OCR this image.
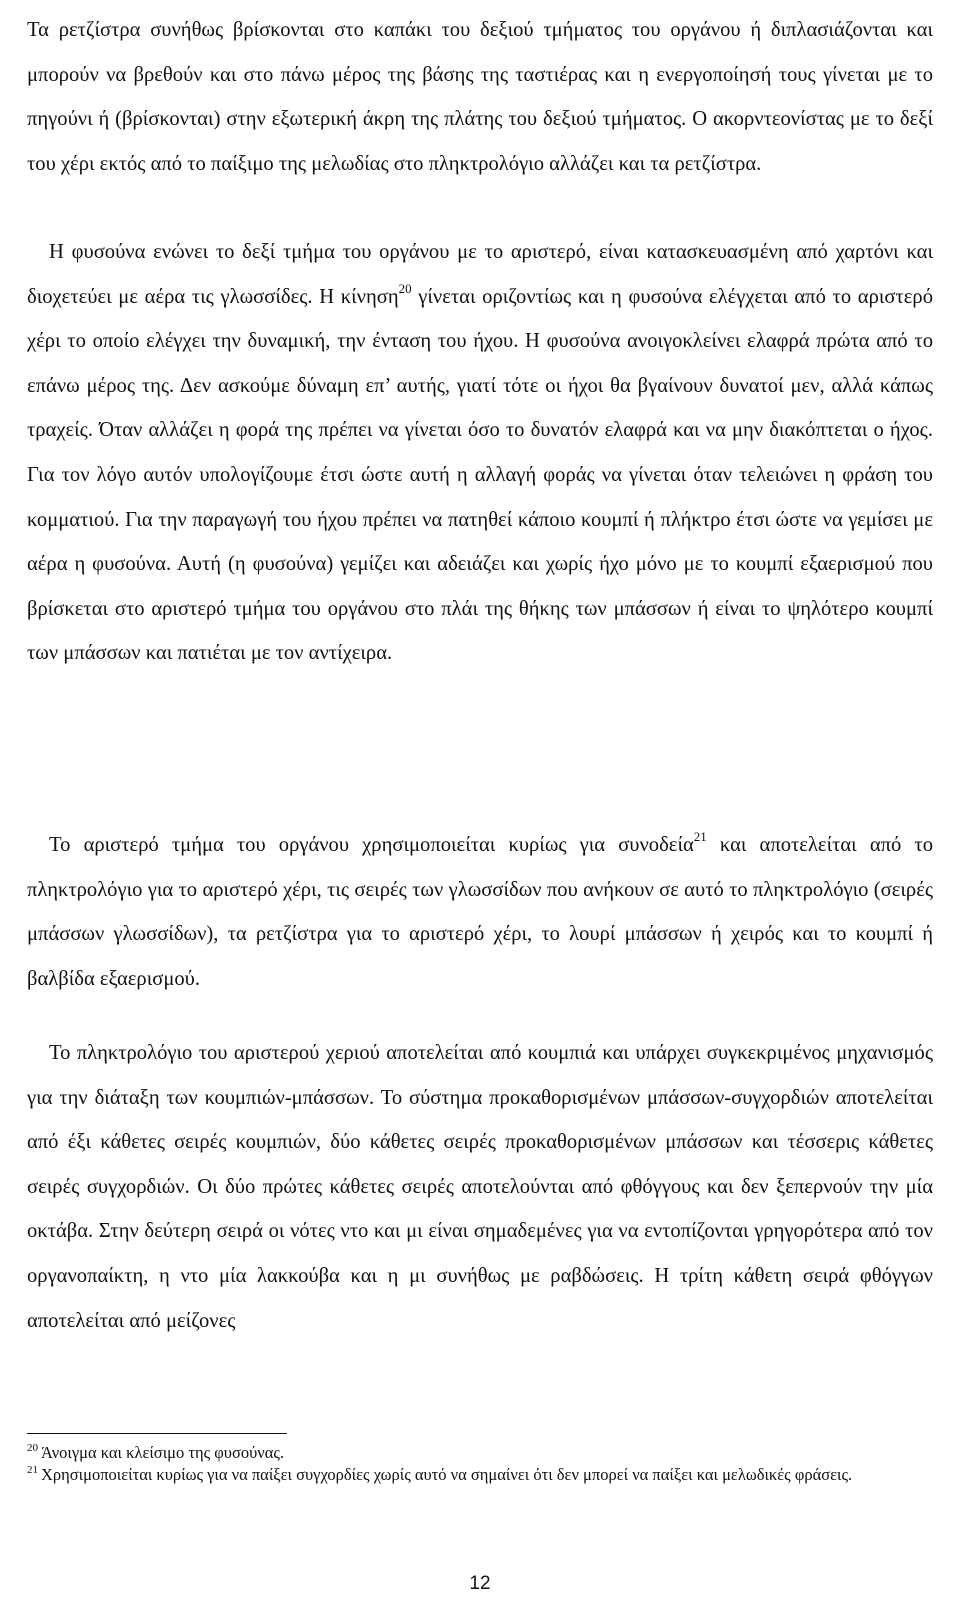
Τα ρετζίστρα συνήθως βρίσκονται στο καπάκι του δεξιού τμήματος του οργάνου ή διπλασιάζονται και μπορούν να βρεθούν και στο πάνω μέρος της βάσης της ταστιέρας και η ενεργοποίησή τους γίνεται με το πηγούνι ή (βρίσκονται) στην εξωτερική άκρη της πλάτης του δεξιού τμήματος. Ο ακορντεονίστας με το δεξί του χέρι εκτός από το παίξιμο της μελωδίας στο πληκτρολόγιο αλλάζει και τα ρετζίστρα.

Η φυσούνα ενώνει το δεξί τμήμα του οργάνου με το αριστερό, είναι κατασκευασμένη από χαρτόνι και διοχετεύει με αέρα τις γλωσσίδες. Η κίνηση$^{20}$ γίνεται οριζοντίως και η φυσούνα ελέγχεται από το αριστερό χέρι το οποίο ελέγχει την δυναμική, την ένταση του ήχου. Η φυσούνα ανοιγοκλείνει ελαφρά πρώτα από το επάνω μέρος της. Δεν ασκούμε δύναμη επ’ αυτής, γιατί τότε οι ήχοι θα βγαίνουν δυνατοί μεν, αλλά κάπως τραχείς. Όταν αλλάζει η φορά της πρέπει να γίνεται όσο το δυνατόν ελαφρά και να μην διακόπτεται ο ήχος. Για τον λόγο αυτόν υπολογίζουμε έτσι ώστε αυτή η αλλαγή φοράς να γίνεται όταν τελειώνει η φράση του κομματιού. Για την παραγωγή του ήχου πρέπει να πατηθεί κάποιο κουμπί ή πλήκτρο έτσι ώστε να γεμίσει με αέρα η φυσούνα. Αυτή (η φυσούνα) γεμίζει και αδειάζει και χωρίς ήχο μόνο με το κουμπί εξαερισμού που βρίσκεται στο αριστερό τμήμα του οργάνου στο πλάι της θήκης των μπάσσων ή είναι το ψηλότερο κουμπί των μπάσσων και πατιέται με τον αντίχειρα.

Το αριστερό τμήμα του οργάνου χρησιμοποιείται κυρίως για συνοδεία$^{21}$ και αποτελείται από το πληκτρολόγιο για το αριστερό χέρι, τις σειρές των γλωσσίδων που ανήκουν σε αυτό το πληκτρολόγιο (σειρές μπάσσων γλωσσίδων), τα ρετζίστρα για το αριστερό χέρι, το λουρί μπάσσων ή χειρός και το κουμπί ή βαλβίδα εξαερισμού.

Το πληκτρολόγιο του αριστερού χεριού αποτελείται από κουμπιά και υπάρχει συγκεκριμένος μηχανισμός για την διάταξη των κουμπιών-μπάσσων. Το σύστημα προκαθορισμένων μπάσσων-συγχορδιών αποτελείται από έξι κάθετες σειρές κουμπιών, δύο κάθετες σειρές προκαθορισμένων μπάσσων και τέσσερις κάθετες σειρές συγχορδιών. Οι δύο πρώτες κάθετες σειρές αποτελούνται από φθόγγους και δεν ξεπερνούν την μία οκτάβα. Στην δεύτερη σειρά οι νότες ντο και μι είναι σημαδεμένες για να εντοπίζονται γρηγορότερα από τον οργανοπαίκτη, η ντο μία λακκούβα και η μι συνήθως με ραβδώσεις. Η τρίτη κάθετη σειρά φθόγγων αποτελείται από μείζονες

$^{20}$ Άνοιγμα και κλείσιμο της φυσούνας.

$^{21}$ Χρησιμοποιείται κυρίως για να παίξει συγχορδίες χωρίς αυτό να σημαίνει ότι δεν μπορεί να παίξει και μελωδικές φράσεις.

12
